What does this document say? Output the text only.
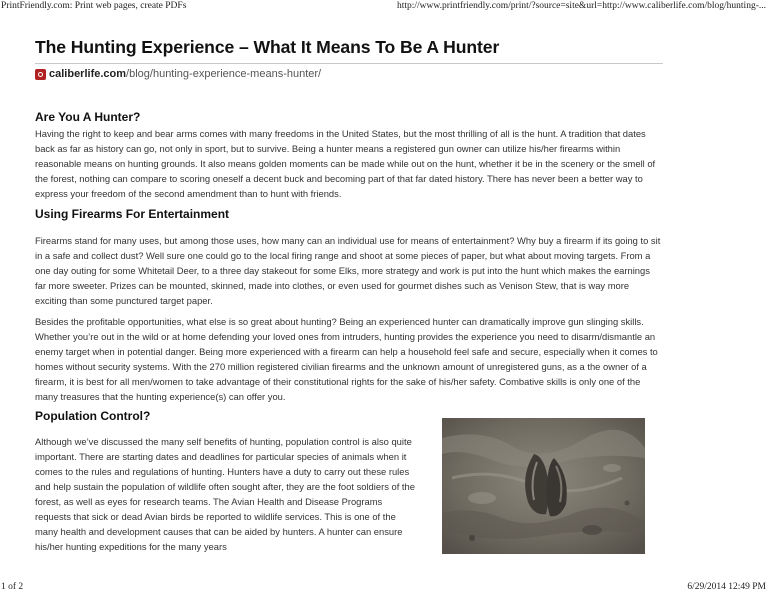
PrintFriendly.com: Print web pages, create PDFs	http://www.printfriendly.com/print/?source=site&url=http://www.caliberlife.com/blog/hunting-...
The Hunting Experience – What It Means To Be A Hunter
caliberlife.com /blog/hunting-experience-means-hunter/
Are You A Hunter?

Having the right to keep and bear arms comes with many freedoms in the United States, but the most thrilling of all is the hunt. A tradition that dates back as far as history can go, not only in sport, but to survive. Being a hunter means a registered gun owner can utilize his/her firearms within reasonable means on hunting grounds. It also means golden moments can be made while out on the hunt, whether it be in the scenery or the smell of the forest, nothing can compare to scoring oneself a decent buck and becoming part of that far dated history. There has never been a better way to express your freedom of the second amendment than to hunt with friends.

Using Firearms For Entertainment

Firearms stand for many uses, but among those uses, how many can an individual use for means of entertainment? Why buy a firearm if its going to sit in a safe and collect dust? Well sure one could go to the local firing range and shoot at some pieces of paper, but what about moving targets. From a one day outing for some Whitetail Deer, to a three day stakeout for some Elks, more strategy and work is put into the hunt which makes the earnings far more sweeter. Prizes can be mounted, skinned, made into clothes, or even used for gourmet dishes such as Venison Stew, that is way more exciting than some punctured target paper.

Besides the profitable opportunities, what else is so great about hunting? Being an experienced hunter can dramatically improve gun slinging skills. Whether you’re out in the wild or at home defending your loved ones from intruders, hunting provides the experience you need to disarm/dismantle an enemy target when in potential danger. Being more experienced with a firearm can help a household feel safe and secure, especially when it comes to homes without security systems. With the 270 million registered civilian firearms and the unknown amount of unregistered guns, as a the owner of a firearm, it is best for all men/women to take advantage of their constitutional rights for the sake of his/her safety. Combative skills is only one of the many treasures that the hunting experience(s) can offer you.

Population Control?

Although we’ve discussed the many self benefits of hunting, population control is also quite important. There are starting dates and deadlines for particular species of animals when it comes to the rules and regulations of hunting. Hunters have a duty to carry out these rules and help sustain the population of wildlife often sought after, they are the foot soldiers of the forest, as well as eyes for research teams. The Avian Health and Disease Programs requests that sick or dead Avian birds be reported to wildlife services. This is one of the many health and development causes that can be aided by hunters. A hunter can ensure his/her hunting expeditions for the many years

1 of 2	6/29/2014 12:49 PM
